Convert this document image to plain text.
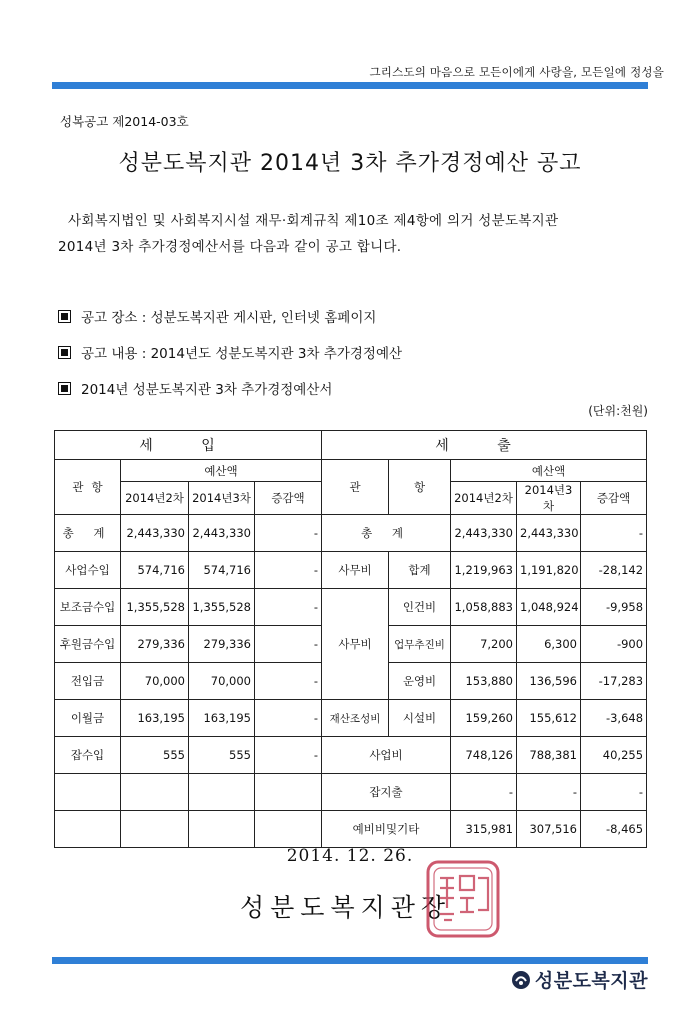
그리스도의 마음으로 모든이에게 사랑을, 모든일에 정성을
성복공고 제2014-03호
성분도복지관 2014년 3차 추가경정예산 공고

사회복지법인 및 사회복지시설 재무·회계규칙 제10조 제4항에 의거 성분도복지관

2014년 3차 추가경정예산서를 다음과 같이 공고 합니다.

공고 장소 : 성분도복지관 게시판, 인터넷 홈페이지
공고 내용 : 2014년도 성분도복지관 3차 추가경정예산
2014년 성분도복지관 3차 추가경정예산서
(단위:천원)
세 입				세 출				
관항	예산액			관	항	예산액		
	2014년2차	2014년3차	증감액			2014년2차	2014년3차	증감액
총 계	2,443,330	2,443,330	-	총 계		2,443,330	2,443,330	-
사업수입	574,716	574,716	-	사무비	합계	1,219,963	1,191,820	-28,142
보조금수입	1,355,528	1,355,528	-	사무비	인건비	1,058,883	1,048,924	-9,958
후원금수입	279,336	279,336	-		업무추진비	7,200	6,300	-900
전입금	70,000	70,000	-		운영비	153,880	136,596	-17,283
이월금	163,195	163,195	-	재산조성비	시설비	159,260	155,612	-3,648
잡수입	555	555	-	사업비		748,126	788,381	40,255
				잡지출		-	-	-
				예비비및기타		315,981	307,516	-8,465
2014. 12. 26.
성분도복지관장
성분도복지관
